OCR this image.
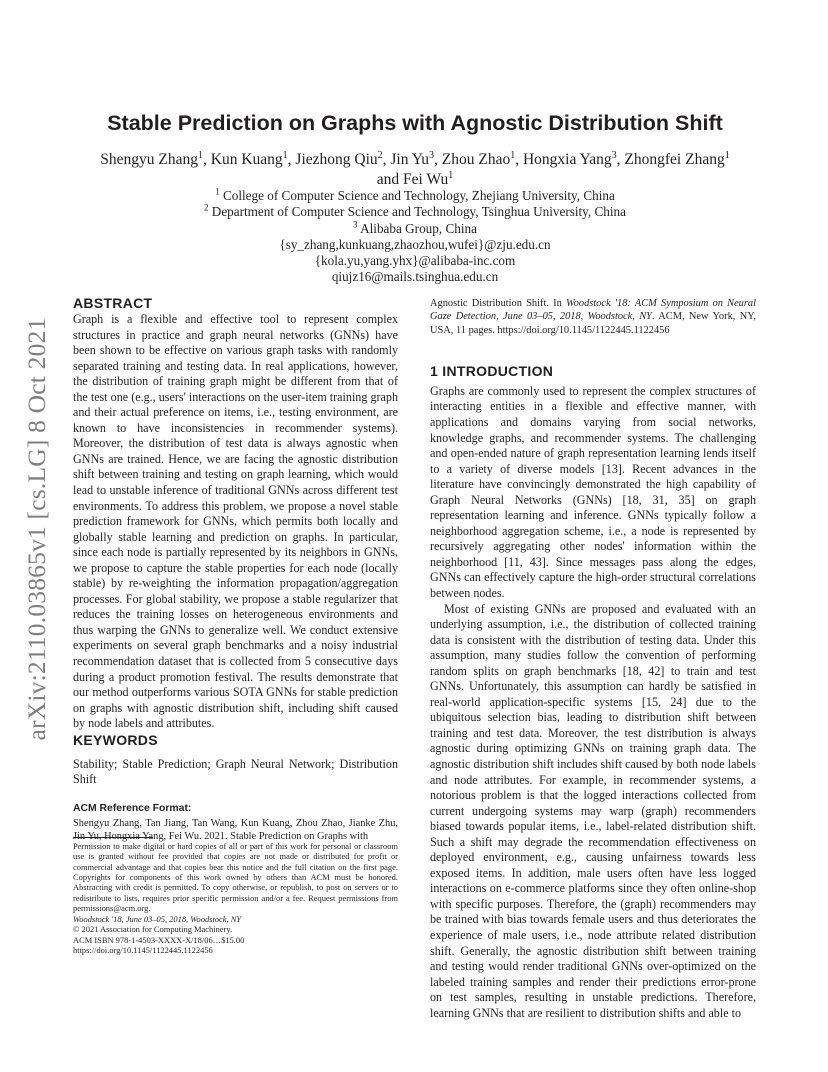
arXiv:2110.03865v1 [cs.LG] 8 Oct 2021
Stable Prediction on Graphs with Agnostic Distribution Shift
Shengyu Zhang$^1$, Kun Kuang$^1$, Jiezhong Qiu$^2$, Jin Yu$^3$, Zhou Zhao$^1$, Hongxia Yang$^3$, Zhongfei Zhang$^1$ and Fei Wu$^1$
$^1$ College of Computer Science and Technology, Zhejiang University, China
$^2$ Department of Computer Science and Technology, Tsinghua University, China
$^3$ Alibaba Group, China
{sy_zhang,kunkuang,zhaozhou,wufei}@zju.edu.cn
{kola.yu,yang.yhx}@alibaba-inc.com
qiujz16@mails.tsinghua.edu.cn
ABSTRACT

Graph is a flexible and effective tool to represent complex structures in practice and graph neural networks (GNNs) have been shown to be effective on various graph tasks with randomly separated training and testing data. In real applications, however, the distribution of training graph might be different from that of the test one (e.g., users' interactions on the user-item training graph and their actual preference on items, i.e., testing environment, are known to have inconsistencies in recommender systems). Moreover, the distribution of test data is always agnostic when GNNs are trained. Hence, we are facing the agnostic distribution shift between training and testing on graph learning, which would lead to unstable inference of traditional GNNs across different test environments. To address this problem, we propose a novel stable prediction framework for GNNs, which permits both locally and globally stable learning and prediction on graphs. In particular, since each node is partially represented by its neighbors in GNNs, we propose to capture the stable properties for each node (locally stable) by re-weighting the information propagation/aggregation processes. For global stability, we propose a stable regularizer that reduces the training losses on heterogeneous environments and thus warping the GNNs to generalize well. We conduct extensive experiments on several graph benchmarks and a noisy industrial recommendation dataset that is collected from 5 consecutive days during a product promotion festival. The results demonstrate that our method outperforms various SOTA GNNs for stable prediction on graphs with agnostic distribution shift, including shift caused by node labels and attributes.

KEYWORDS

Stability; Stable Prediction; Graph Neural Network; Distribution Shift

ACM Reference Format:

Shengyu Zhang, Tan Jiang, Tan Wang, Kun Kuang, Zhou Zhao, Jianke Zhu, Jin Yu, Hongxia Yang, Fei Wu. 2021. Stable Prediction on Graphs with

Permission to make digital or hard copies of all or part of this work for personal or classroom use is granted without fee provided that copies are not made or distributed for profit or commercial advantage and that copies bear this notice and the full citation on the first page. Copyrights for components of this work owned by others than ACM must be honored. Abstracting with credit is permitted. To copy otherwise, or republish, to post on servers or to redistribute to lists, requires prior specific permission and/or a fee. Request permissions from permissions@acm.org.

Woodstock '18, June 03–05, 2018, Woodstock, NY
© 2021 Association for Computing Machinery.
ACM ISBN 978-1-4503-XXXX-X/18/06…$15.00
https://doi.org/10.1145/1122445.1122456

Agnostic Distribution Shift. In Woodstock '18: ACM Symposium on Neural Gaze Detection, June 03–05, 2018, Woodstock, NY. ACM, New York, NY, USA, 11 pages. https://doi.org/10.1145/1122445.1122456

1 INTRODUCTION

Graphs are commonly used to represent the complex structures of interacting entities in a flexible and effective manner, with applications and domains varying from social networks, knowledge graphs, and recommender systems. The challenging and open-ended nature of graph representation learning lends itself to a variety of diverse models [13]. Recent advances in the literature have convincingly demonstrated the high capability of Graph Neural Networks (GNNs) [18, 31, 35] on graph representation learning and inference. GNNs typically follow a neighborhood aggregation scheme, i.e., a node is represented by recursively aggregating other nodes' information within the neighborhood [11, 43]. Since messages pass along the edges, GNNs can effectively capture the high-order structural correlations between nodes.

Most of existing GNNs are proposed and evaluated with an underlying assumption, i.e., the distribution of collected training data is consistent with the distribution of testing data. Under this assumption, many studies follow the convention of performing random splits on graph benchmarks [18, 42] to train and test GNNs. Unfortunately, this assumption can hardly be satisfied in real-world application-specific systems [15, 24] due to the ubiquitous selection bias, leading to distribution shift between training and test data. Moreover, the test distribution is always agnostic during optimizing GNNs on training graph data. The agnostic distribution shift includes shift caused by both node labels and node attributes. For example, in recommender systems, a notorious problem is that the logged interactions collected from current undergoing systems may warp (graph) recommenders biased towards popular items, i.e., label-related distribution shift. Such a shift may degrade the recommendation effectiveness on deployed environment, e.g., causing unfairness towards less exposed items. In addition, male users often have less logged interactions on e-commerce platforms since they often online-shop with specific purposes. Therefore, the (graph) recommenders may be trained with bias towards female users and thus deteriorates the experience of male users, i.e., node attribute related distribution shift. Generally, the agnostic distribution shift between training and testing would render traditional GNNs over-optimized on the labeled training samples and render their predictions error-prone on test samples, resulting in unstable predictions. Therefore, learning GNNs that are resilient to distribution shifts and able to
